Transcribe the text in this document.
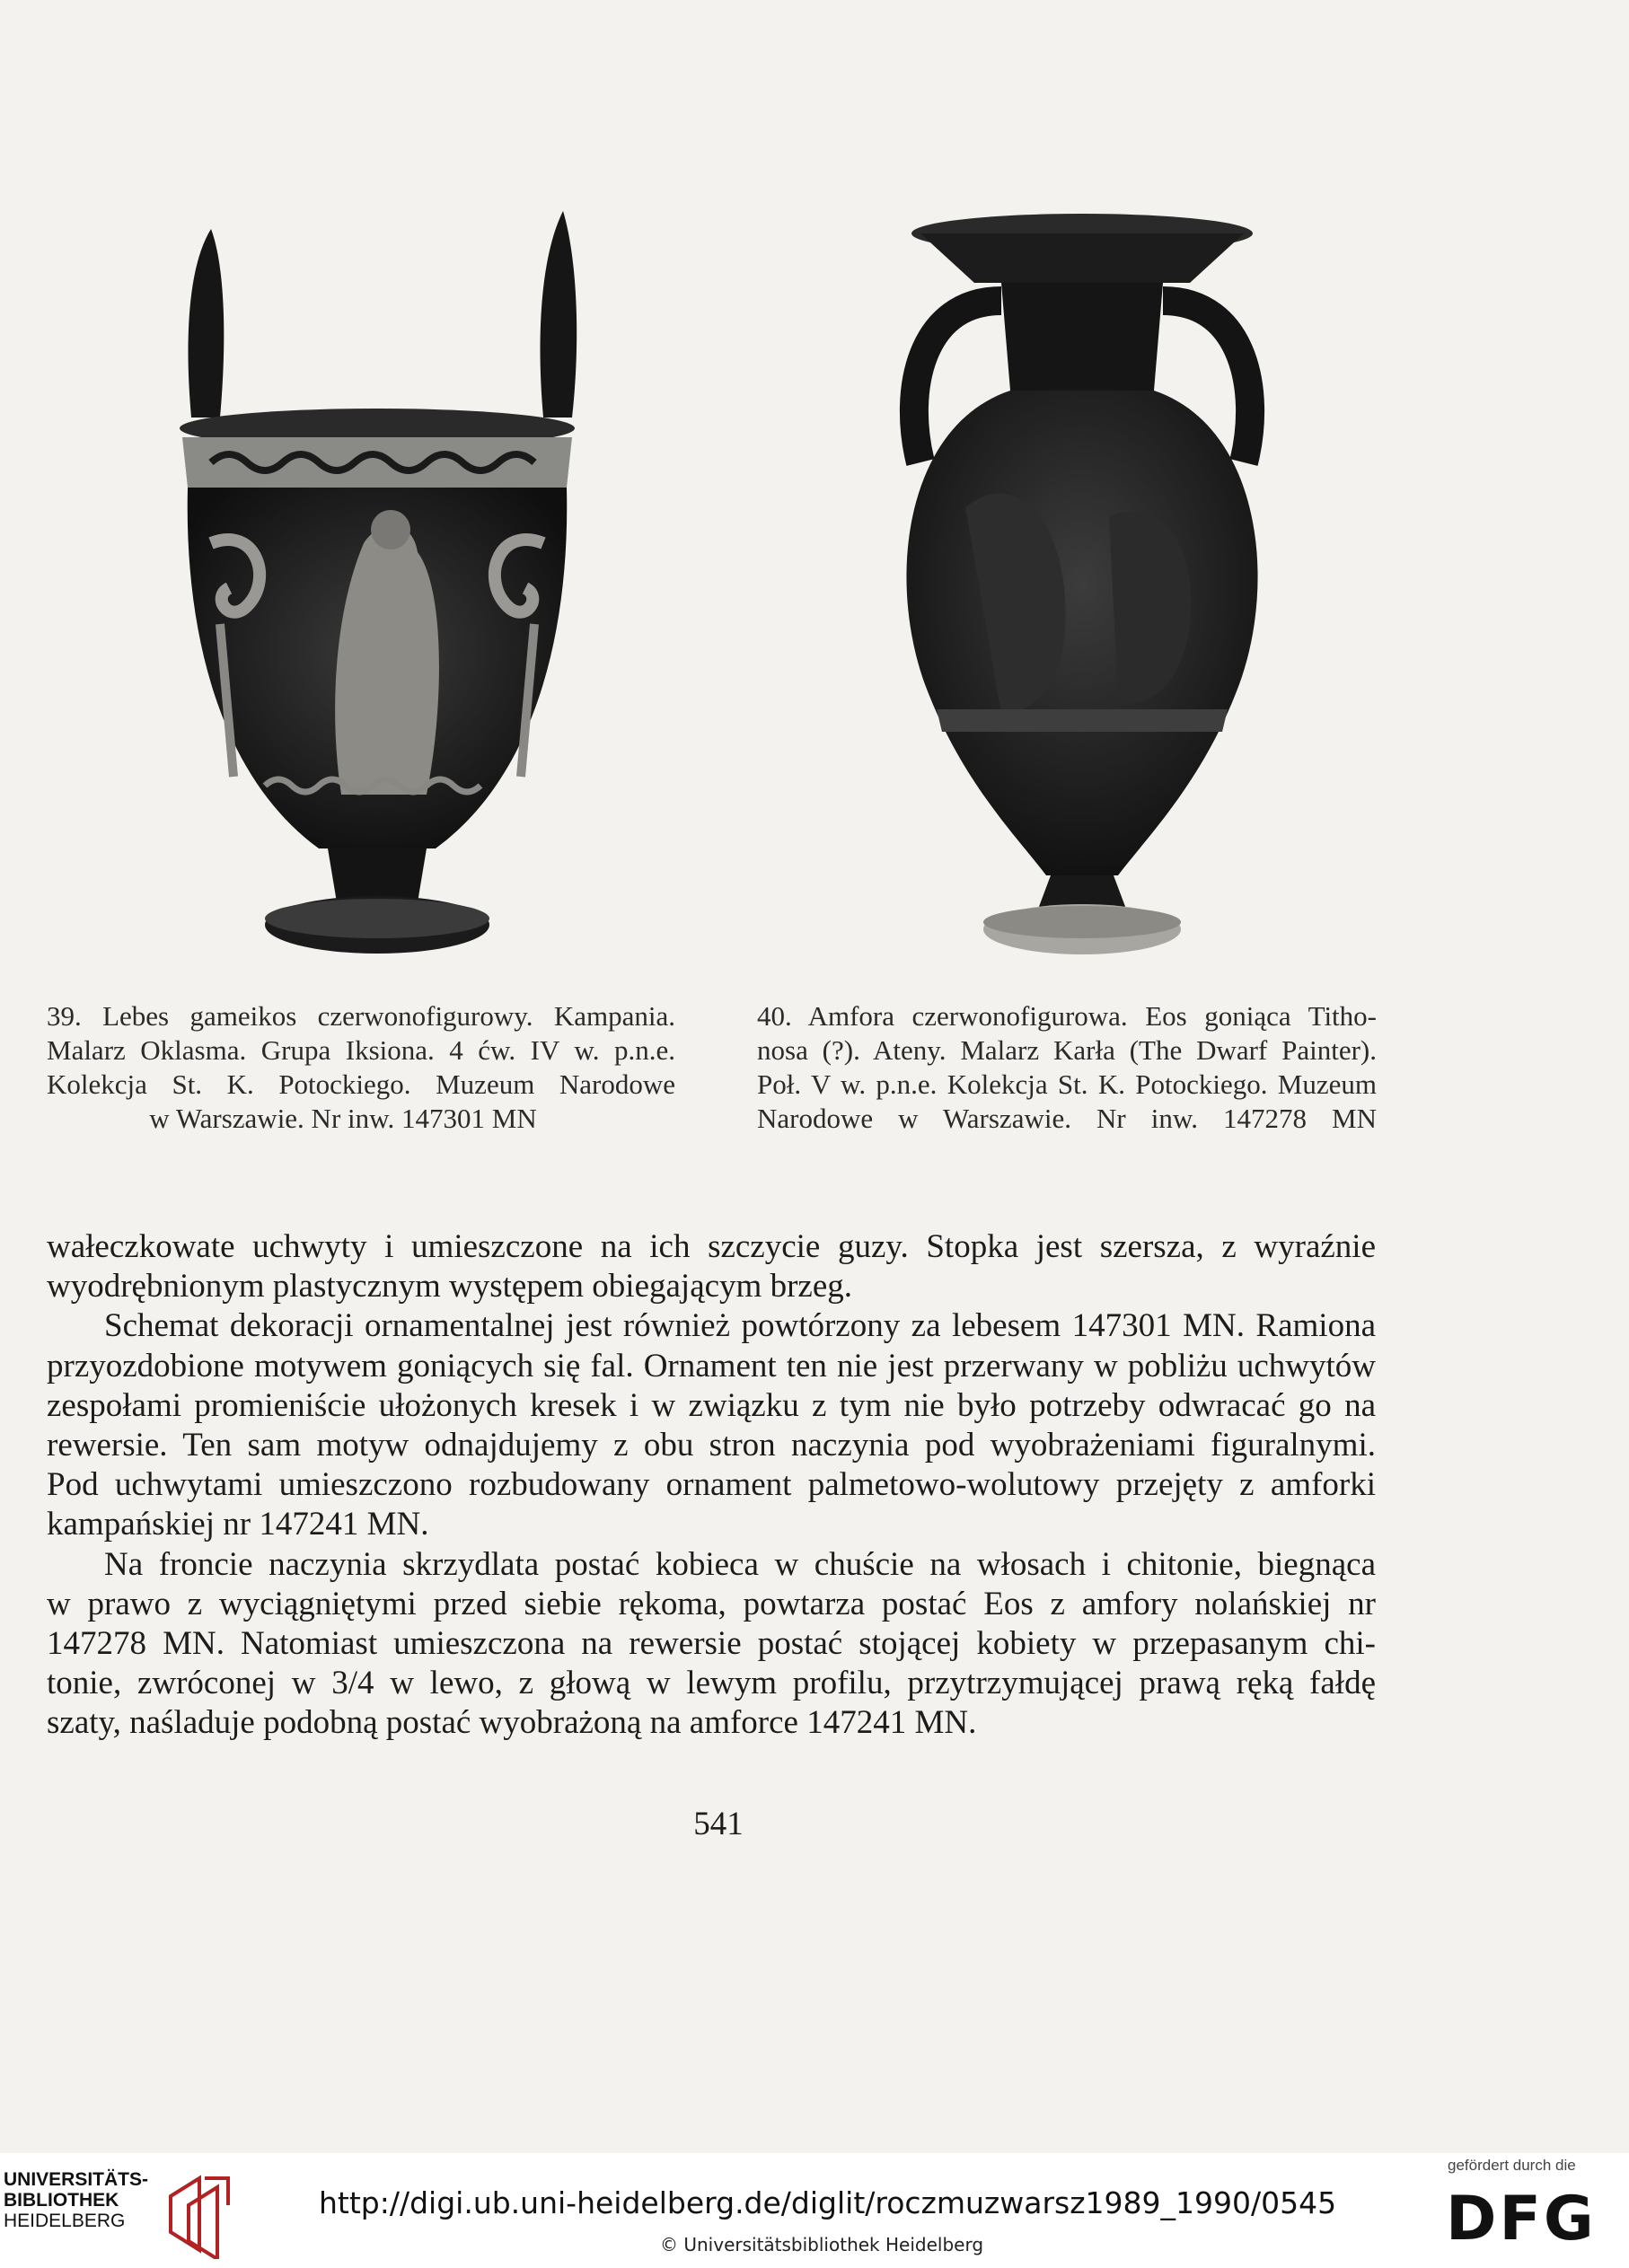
39. Lebes gameikos czerwonofigurowy. Kampania.
Malarz Oklasma. Grupa Iksiona. 4 ćw. IV w. p.n.e.
Kolekcja St. K. Potockiego. Muzeum Narodowe
w Warszawie. Nr inw. 147301 MN
40. Amfora czerwonofigurowa. Eos goniąca Titho-
nosa (?). Ateny. Malarz Karła (The Dwarf Painter).
Poł. V w. p.n.e. Kolekcja St. K. Potockiego. Muzeum
Narodowe w Warszawie. Nr inw. 147278 MN
wałeczkowate uchwyty i umieszczone na ich szczycie guzy. Stopka jest szersza, z wyraźnie
wyodrębnionym plastycznym występem obiegającym brzeg.
Schemat dekoracji ornamentalnej jest również powtórzony za lebesem 147301 MN. Ramiona
przyozdobione motywem goniących się fal. Ornament ten nie jest przerwany w pobliżu uchwytów
zespołami promieniście ułożonych kresek i w związku z tym nie było potrzeby odwracać go na
rewersie. Ten sam motyw odnajdujemy z obu stron naczynia pod wyobrażeniami figuralnymi.
Pod uchwytami umieszczono rozbudowany ornament palmetowo-wolutowy przejęty z amforki
kampańskiej nr 147241 MN.
Na froncie naczynia skrzydlata postać kobieca w chuście na włosach i chitonie, biegnąca
w prawo z wyciągniętymi przed siebie rękoma, powtarza postać Eos z amfory nolańskiej nr
147278 MN. Natomiast umieszczona na rewersie postać stojącej kobiety w przepasanym chi-
tonie, zwróconej w 3/4 w lewo, z głową w lewym profilu, przytrzymującej prawą ręką fałdę
szaty, naśladuje podobną postać wyobrażoną na amforce 147241 MN.
541
UNIVERSITÄTS-
BIBLIOTHEK
HEIDELBERG
http://digi.ub.uni-heidelberg.de/diglit/roczmuzwarsz1989_1990/0545
© Universitätsbibliothek Heidelberg
gefördert durch die
DFG
